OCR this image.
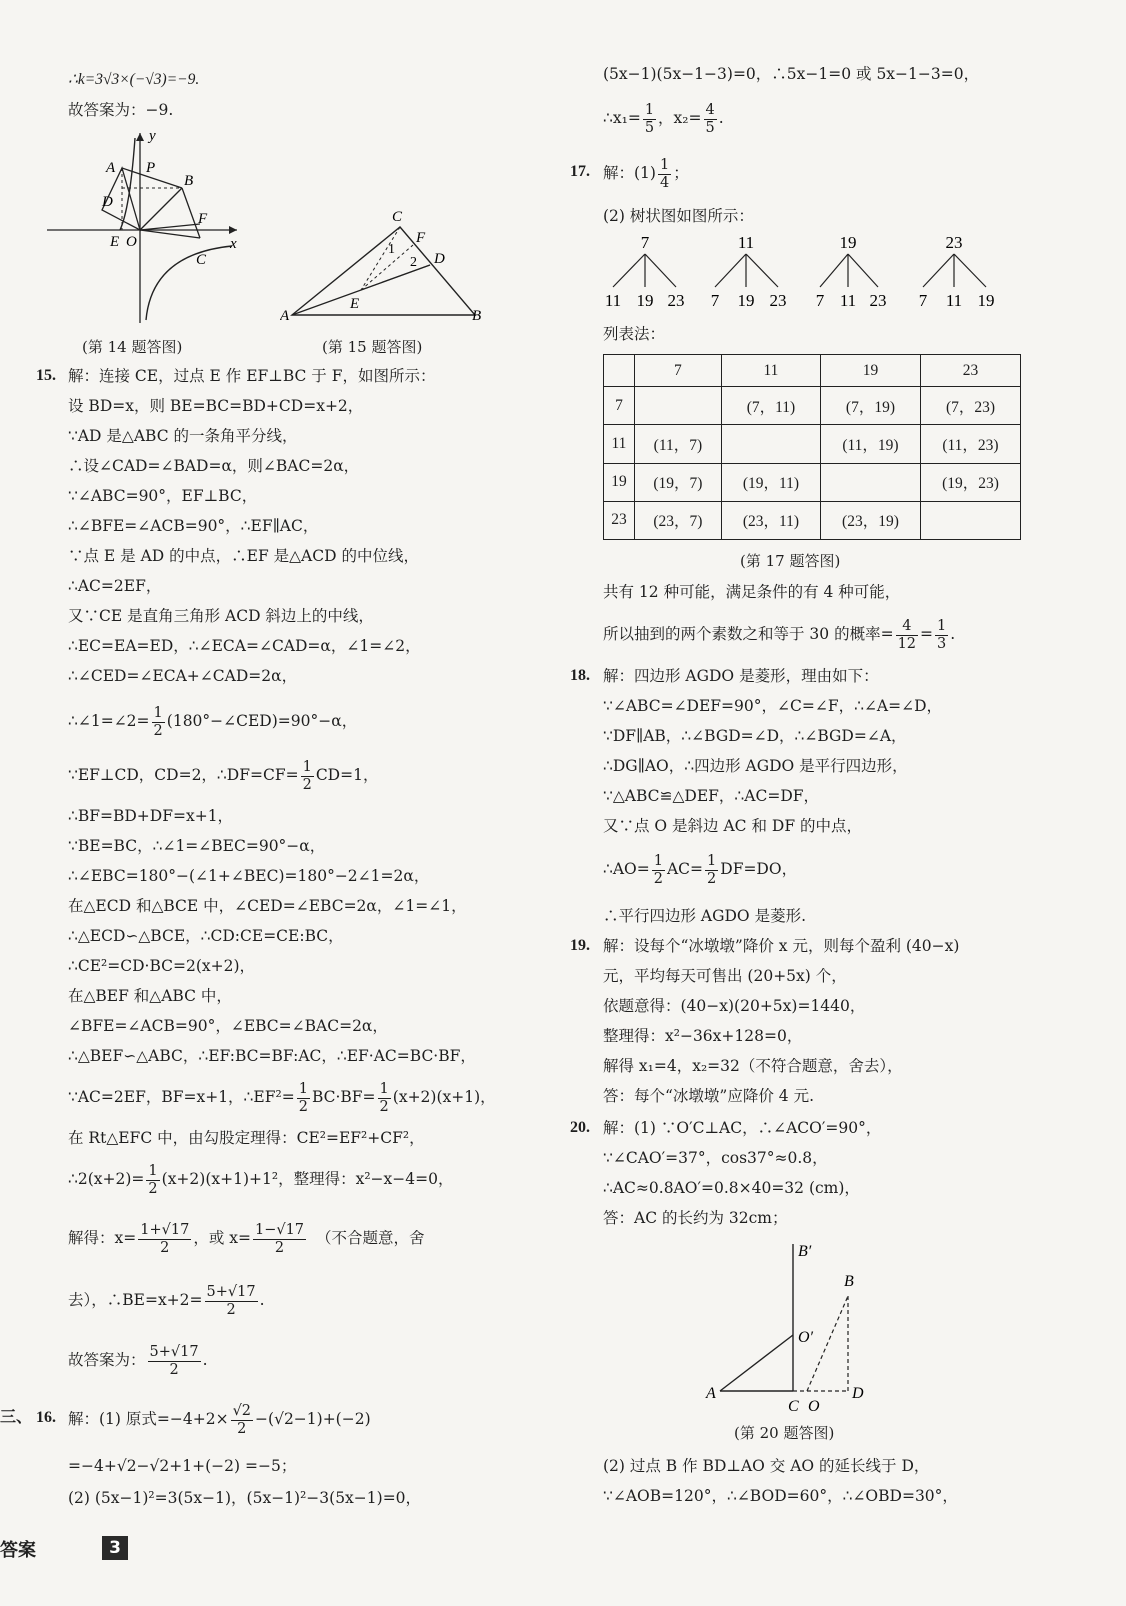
∴k=3√3×(−√3)=−9.
故答案为：−9.
y
x
A P
B
D
F
E O
C
(第 14 题答图)
C
F
1
2 D
E
A	B
(第 15 题答图)
15. 解：连接 CE，过点 E 作 EF⊥BC 于 F，如图所示：
设 BD=x，则 BE=BC=BD+CD=x+2，
∵AD 是△ABC 的一条角平分线，
∴设∠CAD=∠BAD=α，则∠BAC=2α，
∵∠ABC=90°，EF⊥BC，
∴∠BFE=∠ACB=90°，∴EF∥AC，
∵点 E 是 AD 的中点，∴EF 是△ACD 的中位线，
∴AC=2EF，
又∵CE 是直角三角形 ACD 斜边上的中线，
∴EC=EA=ED，∴∠ECA=∠CAD=α，∠1=∠2，
∴∠CED=∠ECA+∠CAD=2α，
∴∠1=∠2= $\frac{1}{2}$ (180°−∠CED)=90°−α，
∵EF⊥CD，CD=2，∴DF=CF= $\frac{1}{2} CD=1$，
∴BF=BD+DF=x+1，
∵BE=BC，∴∠1=∠BEC=90°−α，
∴∠EBC=180°−(∠1+∠BEC)=180°−2∠1=2α，
在△ECD 和△BCE 中，∠CED=∠EBC=2α，∠1=∠1，
∴△ECD∽△BCE，∴CD:CE=CE:BC，
∴CE²=CD·BC=2(x+2)，
在△BEF 和△ABC 中，
∠BFE=∠ACB=90°，∠EBC=∠BAC=2α，
∴△BEF∽△ABC，∴EF:BC=BF:AC，∴EF·AC=BC·BF，
∵AC=2EF，BF=x+1，∴EF²= $\frac{1}{2} BC\cdot BF= \frac{1}{2} (x+2)(x+1)$，
在 Rt△EFC 中，由勾股定理得：CE²=EF²+CF²，
∴2(x+2)= $\frac{1}{2} (x+2)(x+1)+1^2$，整理得：x²−x−4=0，
解得：$x= \frac{1+√17}{2}$ ，或 $x= \frac{1-√17}{2}$ （不合题意，舍
去），∴BE=x+2= $\frac{5+√17}{2}$ .
故答案为： $\frac{5+√17}{2}$ .
三、 16. 解：(1) 原式$=-4+2\times \frac{√2}{2} -(√2-1)+(-2)$
=−4+√2−√2+1+(−2) =−5；
(2) (5x−1)²=3(5x−1)，(5x−1)²−3(5x−1)=0，
(5x−1)(5x−1−3)=0，∴5x−1=0 或 5x−1−3=0，
∴x₁= $\frac{1}{5}$ ，$x_2= \frac{4}{5}$ .
17. 解：$(1) \frac{1}{4}$ ；
(2) 树状图如图所示：
7
11 19 23
11
7 19 23
19
7 11 23
23
7 11 19
列表法：
	7	11	19	23
7		(7，11)	(7，19)	(7，23)
11	(11，7)		(11，19)	(11，23)
19	(19，7)	(19，11)		(19，23)
23	(23，7)	(23，11)	(23，19)	
(第 17 题答图)
共有 12 种可能，满足条件的有 4 种可能，
所以抽到的两个素数之和等于 30 的概率= $\frac{4}{12} = \frac{1}{3}$ .
18. 解：四边形 AGDO 是菱形，理由如下：
∵∠ABC=∠DEF=90°，∠C=∠F，∴∠A=∠D，
∵DF∥AB，∴∠BGD=∠D，∴∠BGD=∠A，
∴DG∥AO，∴四边形 AGDO 是平行四边形，
∵△ABC≌△DEF，∴AC=DF，
又∵点 O 是斜边 AC 和 DF 的中点，
∴AO= $\frac{1}{2} AC= \frac{1}{2} DF=DO$，
∴平行四边形 AGDO 是菱形.
19. 解：设每个“冰墩墩”降价 x 元，则每个盈利 (40−x)
元，平均每天可售出 (20+5x) 个，
依题意得：(40−x)(20+5x)=1440，
整理得：x²−36x+128=0，
解得 x₁=4，x₂=32（不符合题意，舍去），
答：每个“冰墩墩”应降价 4 元.
20. 解：(1) ∵O′C⊥AC，∴∠ACO′=90°，
∵∠CAO′=37°，cos37°≈0.8，
∴AC≈0.8AO′=0.8×40=32 (cm)，
答：AC 的长约为 32cm；
B′
B
O′
A
C O
D
(第 20 题答图)
(2) 过点 B 作 BD⊥AO 交 AO 的延长线于 D，
∵∠AOB=120°，∴∠BOD=60°，∴∠OBD=30°，
答案	3
